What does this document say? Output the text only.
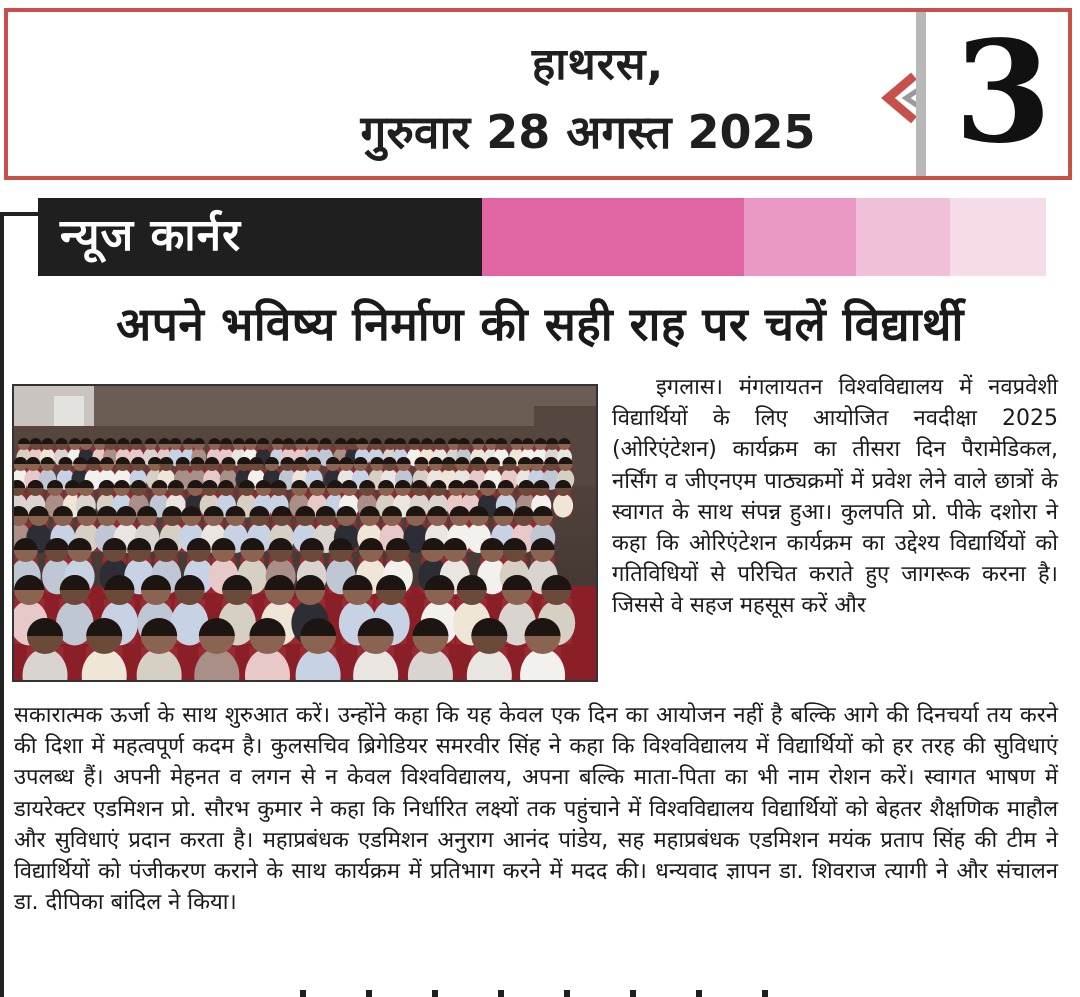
हाथरस,
गुरुवार 28 अगस्त 2025 3
न्यूज कार्नर
अपने भविष्य निर्माण की सही राह पर चलें विद्यार्थी

इगलास। मंगलायतन विश्वविद्यालय में नवप्रवेशी विद्यार्थियों के लिए आयोजित नवदीक्षा 2025 (ओरिएंटेशन) कार्यक्रम का तीसरा दिन पैरामेडिकल, नर्सिंग व जीएनएम पाठ्यक्रमों में प्रवेश लेने वाले छात्रों के स्वागत के साथ संपन्न हुआ। कुलपति प्रो. पीके दशोरा ने कहा कि ओरिएंटेशन कार्यक्रम का उद्देश्य विद्यार्थियों को गतिविधियों से परिचित कराते हुए जागरूक करना है। जिससे वे सहज महसूस करें और

सकारात्मक ऊर्जा के साथ शुरुआत करें। उन्होंने कहा कि यह केवल एक दिन का आयोजन नहीं है बल्कि आगे की दिनचर्या तय करने की दिशा में महत्वपूर्ण कदम है। कुलसचिव ब्रिगेडियर समरवीर सिंह ने कहा कि विश्वविद्यालय में विद्यार्थियों को हर तरह की सुविधाएं उपलब्ध हैं। अपनी मेहनत व लगन से न केवल विश्वविद्यालय, अपना बल्कि माता-पिता का भी नाम रोशन करें। स्वागत भाषण में डायरेक्टर एडमिशन प्रो. सौरभ कुमार ने कहा कि निर्धारित लक्ष्यों तक पहुंचाने में विश्वविद्यालय विद्यार्थियों को बेहतर शैक्षणिक माहौल और सुविधाएं प्रदान करता है। महाप्रबंधक एडमिशन अनुराग आनंद पांडेय, सह महाप्रबंधक एडमिशन मयंक प्रताप सिंह की टीम ने विद्यार्थियों को पंजीकरण कराने के साथ कार्यक्रम में प्रतिभाग करने में मदद की। धन्यवाद ज्ञापन डा. शिवराज त्यागी ने और संचालन डा. दीपिका बांदिल ने किया।
